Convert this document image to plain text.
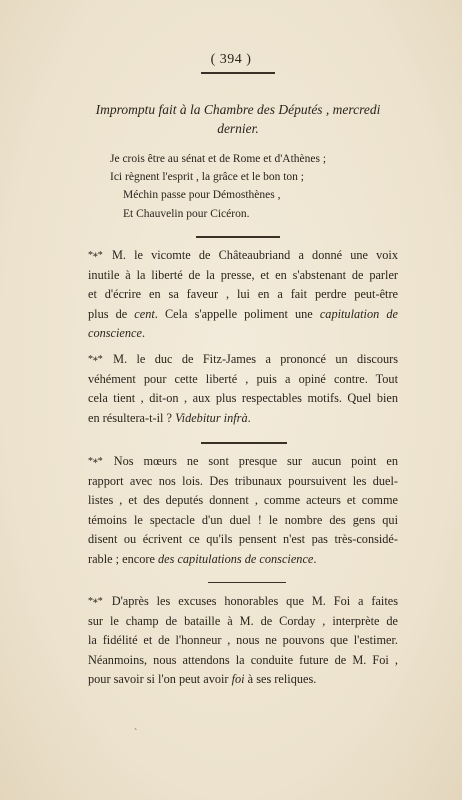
( 394 )
Impromptu fait à la Chambre des Députés , mercredi
dernier.
Je crois être au sénat et de Rome et d'Athènes ;
Ici règnent l'esprit , la grâce et le bon ton ;
Méchin passe pour Démosthènes ,
Et Chauvelin pour Cicéron.
*∗* M. le vicomte de Châteaubriand a donné une voix
inutile à la liberté de la presse, et en s'abstenant de parler
et d'écrire en sa faveur , lui en a fait perdre peut-être
plus de cent. Cela s'appelle poliment une capitulation de
conscience.
*∗* M. le duc de Fitz-James a prononcé un discours
véhément pour cette liberté , puis a opiné contre. Tout
cela tient , dit-on , aux plus respectables motifs. Quel bien
en résultera-t-il ? Videbitur infrà.
*∗* Nos mœurs ne sont presque sur aucun point en
rapport avec nos lois. Des tribunaux poursuivent les duel-
listes , et des deputés donnent , comme acteurs et comme
témoins le spectacle d'un duel ! le nombre des gens qui
disent ou écrivent ce qu'ils pensent n'est pas très-considé-
rable ; encore des capitulations de conscience.
*∗* D'après les excuses honorables que M. Foi a faites
sur le champ de bataille à M. de Corday , interprète de
la fidélité et de l'honneur , nous ne pouvons que l'estimer.
Néanmoins, nous attendons la conduite future de M. Foi ,
pour savoir si l'on peut avoir foi à ses reliques.
`
